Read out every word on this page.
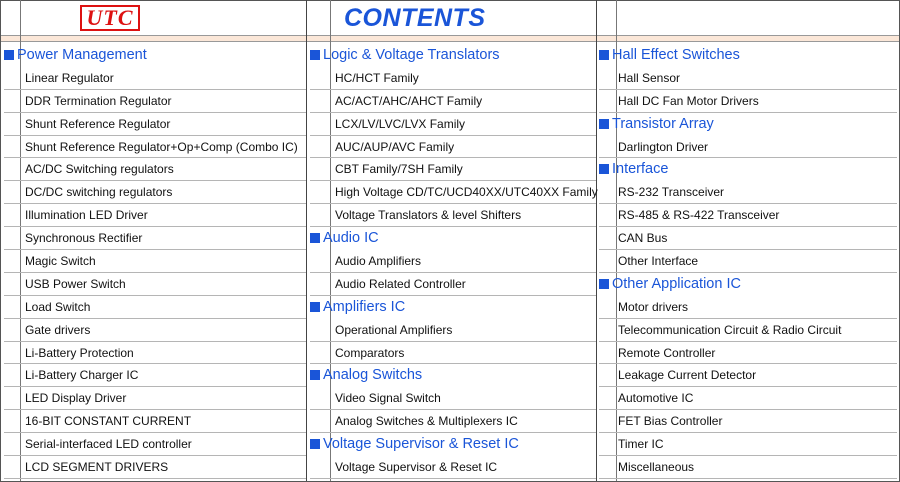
UTC	CONTENTS
Power Management
Linear Regulator
DDR Termination Regulator
Shunt Reference Regulator
Shunt Reference Regulator+Op+Comp (Combo IC)
AC/DC Switching regulators
DC/DC switching regulators
Illumination LED Driver
Synchronous Rectifier
Magic Switch
USB Power Switch
Load Switch
Gate drivers
Li-Battery Protection
Li-Battery Charger IC
LED Display Driver
16-BIT CONSTANT CURRENT
Serial-interfaced LED controller
LCD SEGMENT DRIVERS
Logic & Voltage Translators
HC/HCT Family
AC/ACT/AHC/AHCT Family
LCX/LV/LVC/LVX Family
AUC/AUP/AVC Family
CBT Family/7SH Family
High Voltage CD/TC/UCD40XX/UTC40XX Family
Voltage Translators & level Shifters
Audio IC
Audio Amplifiers
Audio Related Controller
Amplifiers IC
Operational Amplifiers
Comparators
Analog Switchs
Video Signal Switch
Analog Switches & Multiplexers IC
Voltage Supervisor & Reset IC
Voltage Supervisor & Reset IC
Hall Effect Switches
Hall Sensor
Hall DC Fan Motor Drivers
Transistor Array
Darlington Driver
Interface
RS-232 Transceiver
RS-485 & RS-422 Transceiver
CAN Bus
Other Interface
Other Application IC
Motor drivers
Telecommunication Circuit & Radio Circuit
Remote Controller
Leakage Current Detector
Automotive IC
FET Bias Controller
Timer IC
Miscellaneous
